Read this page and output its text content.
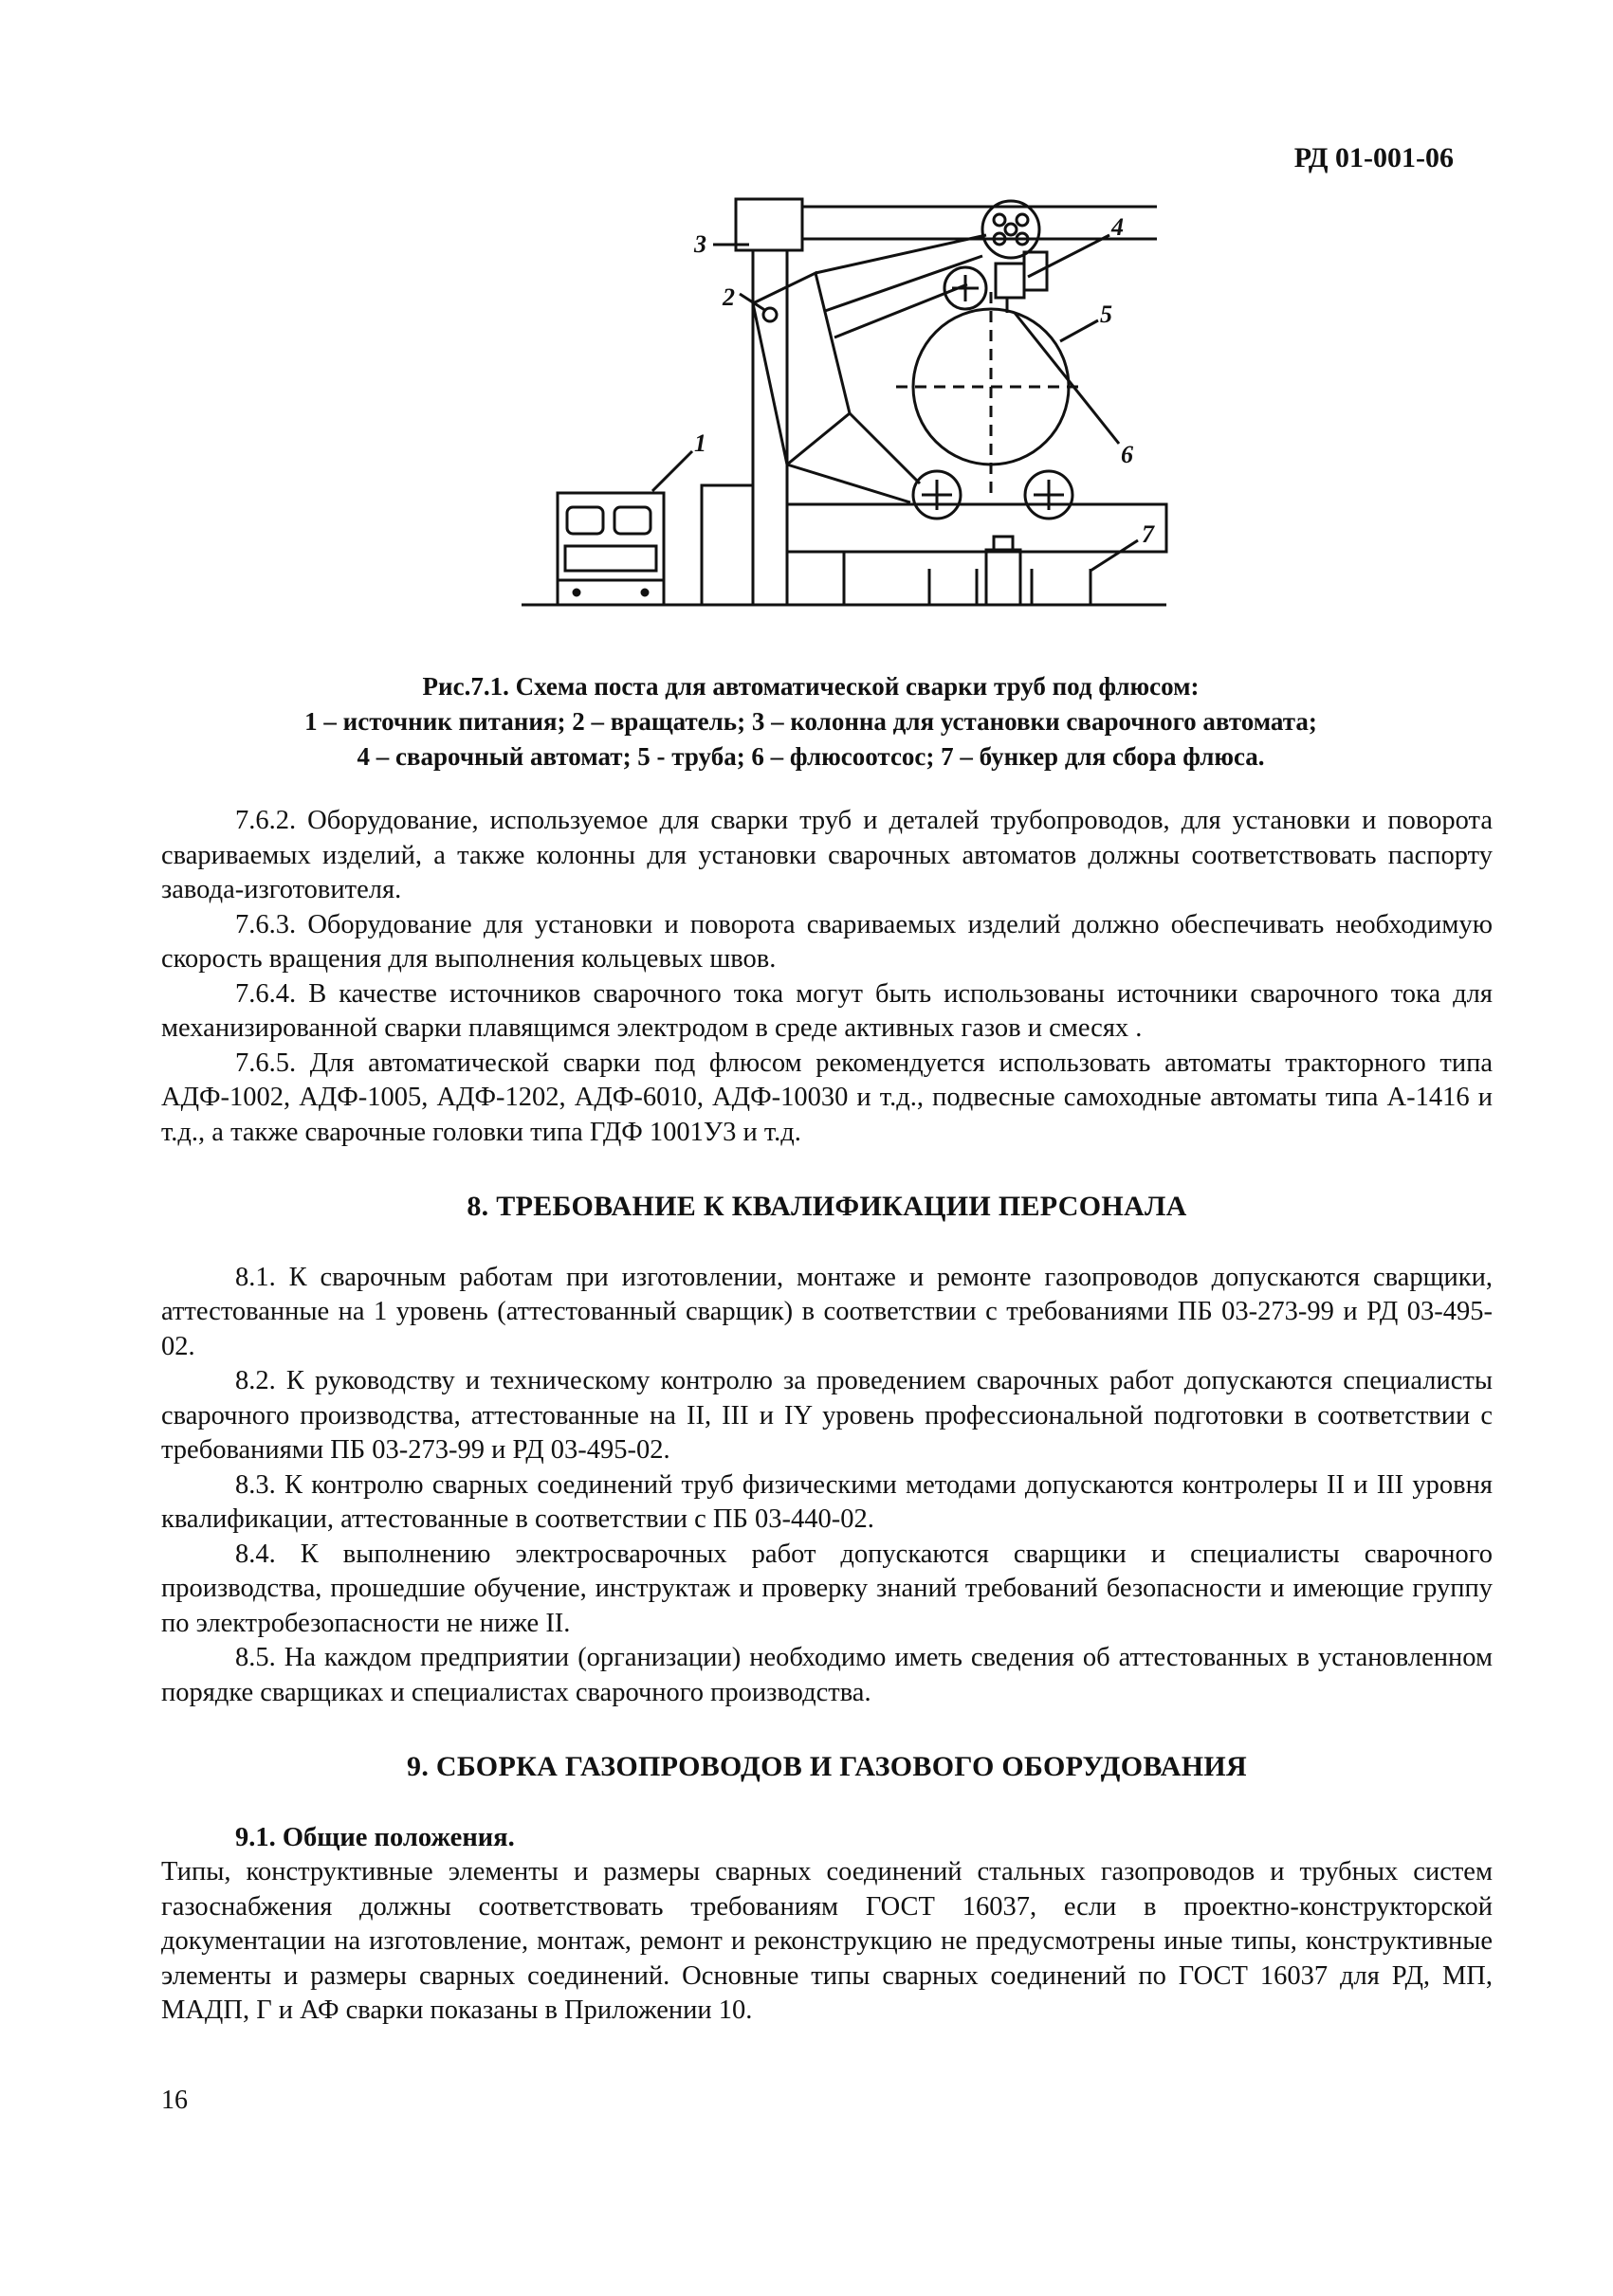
РД 01-001-06
1
2
3
4
5
6
7
Рис.7.1. Схема поста для автоматической сварки труб под флюсом:
1 – источник питания; 2 – вращатель; 3 – колонна для установки сварочного автомата;
4 – сварочный автомат; 5 - труба; 6 – флюсоотсос; 7 – бункер для сбора флюса.

7.6.2. Оборудование, используемое для сварки труб и деталей трубопроводов, для установки и поворота свариваемых изделий, а также колонны для установки сварочных автоматов должны соответствовать паспорту завода-изготовителя.

7.6.3. Оборудование для установки и поворота свариваемых изделий должно обеспечивать необходимую скорость вращения для выполнения кольцевых швов.

7.6.4. В качестве источников сварочного тока могут быть использованы источники сварочного тока для механизированной сварки плавящимся электродом в среде активных газов и смесях .

7.6.5. Для автоматической сварки под флюсом рекомендуется использовать автоматы тракторного типа АДФ-1002, АДФ-1005, АДФ-1202, АДФ-6010, АДФ-10030 и т.д., подвесные самоходные автоматы типа А-1416 и т.д., а также сварочные головки типа ГДФ 1001У3 и т.д.

8. ТРЕБОВАНИЕ К КВАЛИФИКАЦИИ ПЕРСОНАЛА

8.1. К сварочным работам при изготовлении, монтаже и ремонте газопроводов допускаются сварщики, аттестованные на 1 уровень (аттестованный сварщик) в соответствии с требованиями ПБ 03-273-99 и РД 03-495-02.

8.2. К руководству и техническому контролю за проведением сварочных работ допускаются специалисты сварочного производства, аттестованные на II, III и IY уровень профессиональной подготовки в соответствии с требованиями ПБ 03-273-99 и РД 03-495-02.

8.3. К контролю сварных соединений труб физическими методами допускаются контролеры II и III уровня квалификации, аттестованные в соответствии с ПБ 03-440-02.

8.4. К выполнению электросварочных работ допускаются сварщики и специалисты сварочного производства, прошедшие обучение, инструктаж и проверку знаний требований безопасности и имеющие группу по электробезопасности не ниже II.

8.5. На каждом предприятии (организации) необходимо иметь сведения об аттестованных в установленном порядке сварщиках и специалистах сварочного производства.

9. СБОРКА ГАЗОПРОВОДОВ И ГАЗОВОГО ОБОРУДОВАНИЯ
9.1. Общие положения.

Типы, конструктивные элементы и размеры сварных соединений стальных газопроводов и трубных систем газоснабжения должны соответствовать требованиям ГОСТ 16037, если в проектно-конструкторской документации на изготовление, монтаж, ремонт и реконструкцию не предусмотрены иные типы, конструктивные элементы и размеры сварных соединений. Основные типы сварных соединений по ГОСТ 16037 для РД, МП, МАДП, Г и АФ сварки показаны в Приложении 10.

16
